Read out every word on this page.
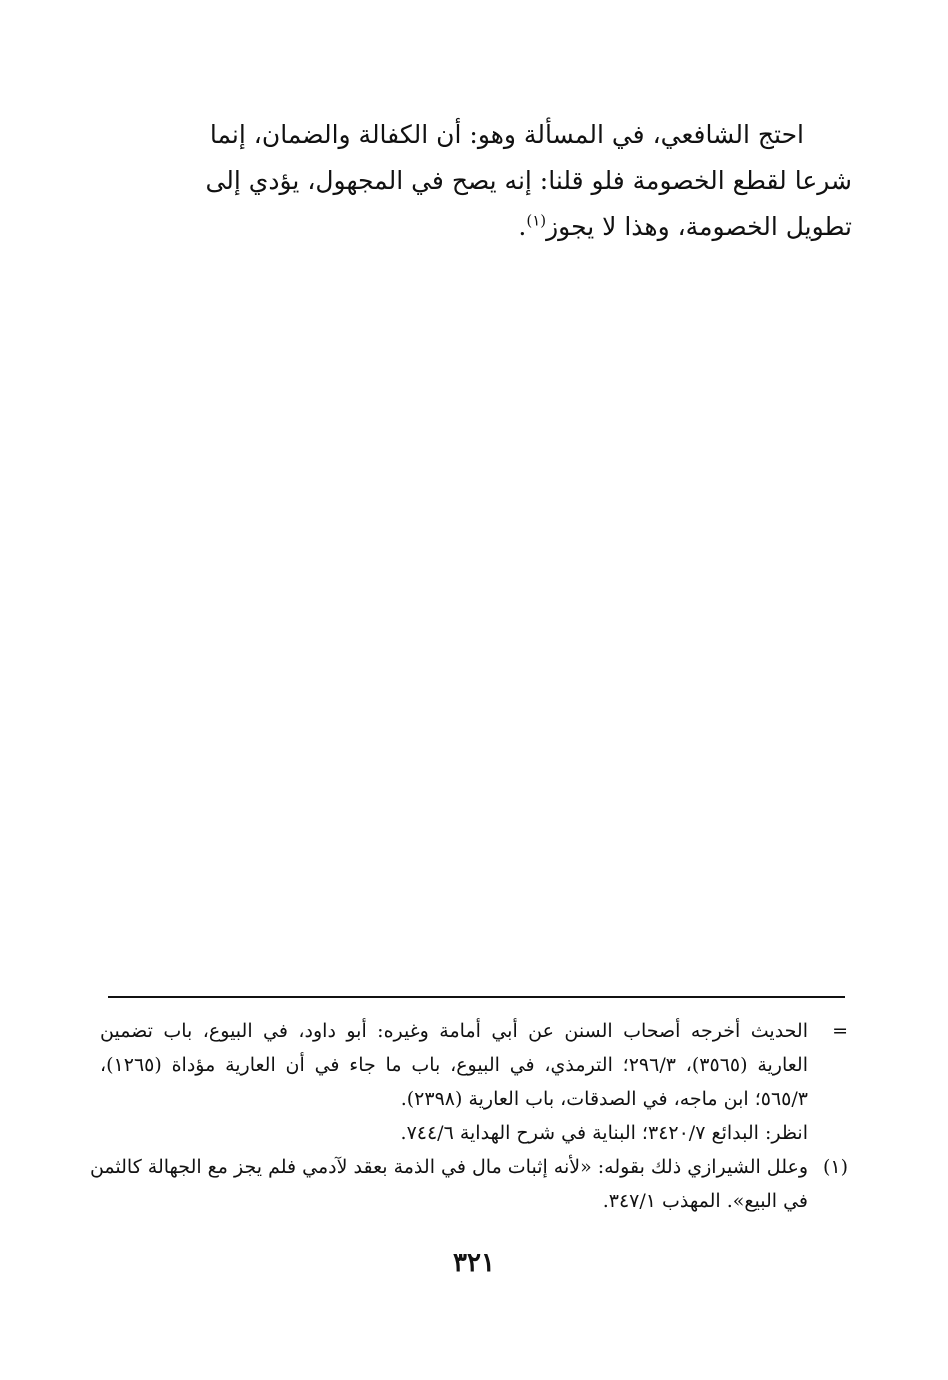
احتج الشافعي، في المسألة وهو: أن الكفالة والضمان، إنما
شرعا لقطع الخصومة فلو قلنا: إنه يصح في المجهول، يؤدي إلى
تطويل الخصومة، وهذا لا يجوز$^{(١)}$.

=
الحديث أخرجه أصحاب السنن عن أبي أمامة وغيره: أبو داود، في البيوع، باب تضمين
العارية (٣٥٦٥)، ٢٩٦/٣؛ الترمذي، في البيوع، باب ما جاء في أن العارية مؤداة (١٢٦٥)،
٥٦٥/٣؛ ابن ماجه، في الصدقات، باب العارية (٢٣٩٨).
انظر: البدائع ٣٤٢٠/٧؛ البناية في شرح الهداية ٧٤٤/٦.
(١)
وعلل الشيرازي ذلك بقوله: «لأنه إثبات مال في الذمة بعقد لآدمي فلم يجز مع الجهالة كالثمن
في البيع». المهذب ٣٤٧/١.
٣٢١
